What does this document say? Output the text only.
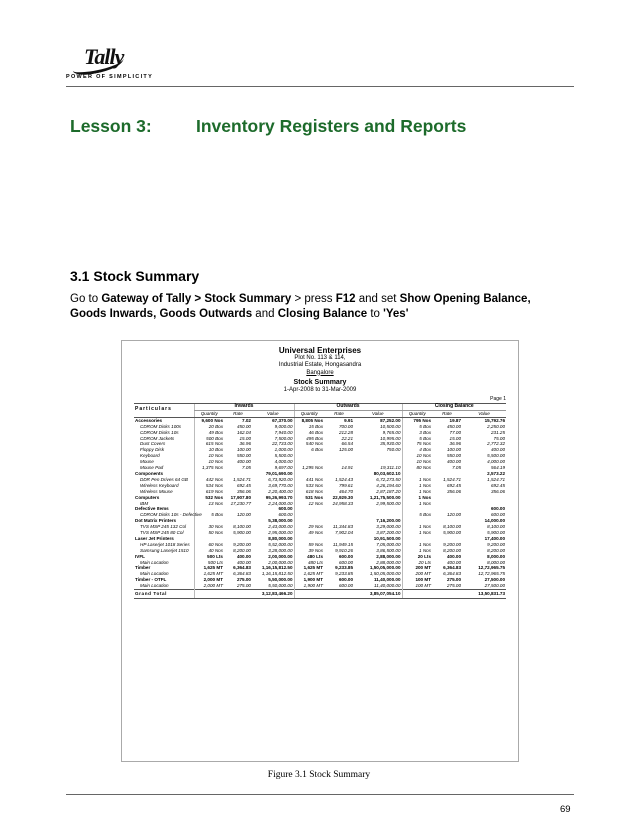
Tally
POWER OF SIMPLICITY
Lesson 3:	Inventory Registers and Reports
3.1 Stock Summary
Go to Gateway of Tally > Stock Summary > press F12 and set Show Opening Balance, Goods Inwards, Goods Outwards and Closing Balance to 'Yes'
Universal Enterprises
Plot No. 113 & 114,
Industrial Estate, Hongasandra
Bangalore
Stock Summary
1-Apr-2008 to 31-Mar-2009
Page 1
Particulars	Inwards			Outwards			Closing Balance		
	Quantity	Rate	Value	Quantity	Rate	Value	Quantity	Rate	Value
Accessories	9,600 Nos	7.02	67,370.00	8,805 Nos	9.91	87,252.00	795 Nos	19.87	15,792.76
CDROM Disks 100s	20 Box	450.00	9,000.00	15 Box	700.00	10,500.00	5 Box	450.00	2,250.00
CDROM Disks 10s	49 Box	162.04	7,940.00	46 Box	212.28	9,765.00	3 Box	77.00	231.25
CDROM Jackets	500 Box	15.00	7,500.00	495 Box	22.21	10,995.00	5 Box	15.00	75.00
Dust Covers	615 Nos	36.96	22,733.00	540 Nos	66.54	35,930.00	75 Nos	36.96	2,772.32
Floppy Disk	10 Box	100.00	1,000.00	6 Box	125.00	750.00	4 Box	100.00	400.00
Keyboard	10 Nos	550.00	5,500.00				10 Nos	550.00	5,500.00
Mouse	10 Nos	400.00	4,000.00				10 Nos	400.00	4,000.00
Mouse Pad	1,375 Nos	7.05	9,697.00	1,295 Nos	14.91	19,311.10	80 Nos	7.05	564.19
Components			79,01,690.00			80,03,602.10			2,573.22
DDR Pen Drives 64 GB	442 Nos	1,524.71	6,73,920.00	441 Nos	1,524.43	6,72,273.50	1 Nos	1,524.71	1,524.71
Wireless Keyboard	534 Nos	692.45	3,69,770.00	533 Nos	799.61	4,26,194.60	1 Nos	692.45	692.45
Wireless Mouse	619 Nos	356.06	2,20,400.00	618 Nos	464.70	2,87,187.20	1 Nos	356.06	356.06
Computers	532 Nos	17,907.80	95,26,993.70	531 Nos	22,929.30	1,21,75,500.00	1 Nos		
IBM	13 Nos	17,230.77	2,24,000.00	12 Nos	24,958.33	2,99,500.00	1 Nos		
Defective Items			600.00						600.00
CDROM Disks 10s - Defective	5 Box	120.00	600.00				5 Box	120.00	600.00
Dot Matrix Printers			5,38,000.00			7,16,200.00			14,000.00
TVS MSP 245 132 Col	30 Nos	8,100.00	2,43,000.00	29 Nos	11,344.83	3,29,000.00	1 Nos	8,100.00	8,100.00
TVS MSP 245 80 Col	50 Nos	5,900.00	2,95,000.00	49 Nos	7,902.04	3,87,200.00	1 Nos	5,900.00	5,900.00
Laser Jet Printers			8,80,000.00			10,91,500.00			17,400.00
HP Laserjet 1018 Series	60 Nos	9,200.00	5,52,000.00	59 Nos	11,949.15	7,05,000.00	1 Nos	9,200.00	9,200.00
Samsung Laserjet 1510	40 Nos	8,200.00	3,28,000.00	39 Nos	9,910.26	3,86,500.00	1 Nos	8,200.00	8,200.00
IVFL	500 Lts	400.00	2,00,000.00	480 Lts	600.00	2,88,000.00	20 Lts	400.00	8,000.00
Main Location	500 Lts	400.00	2,00,000.00	480 Lts	600.00	2,88,000.00	20 Lts	400.00	8,000.00
Timber	1,625 MT	6,364.83	1,16,15,812.50	1,625 MT	9,233.85	1,50,05,000.00	200 MT	6,364.83	12,72,965.75
Main Location	1,625 MT	6,364.83	1,16,15,812.50	1,625 MT	9,233.85	1,50,05,000.00	200 MT	6,364.83	12,72,965.75
Timber - OTFL	2,000 MT	275.00	5,50,000.00	1,900 MT	600.00	11,40,000.00	100 MT	275.00	27,500.00
Main Location	2,000 MT	275.00	5,50,000.00	1,900 MT	600.00	11,40,000.00	100 MT	275.00	27,500.00
Grand Total			3,12,83,466.20			3,85,07,054.10			13,50,831.73
Figure 3.1 Stock Summary
69
